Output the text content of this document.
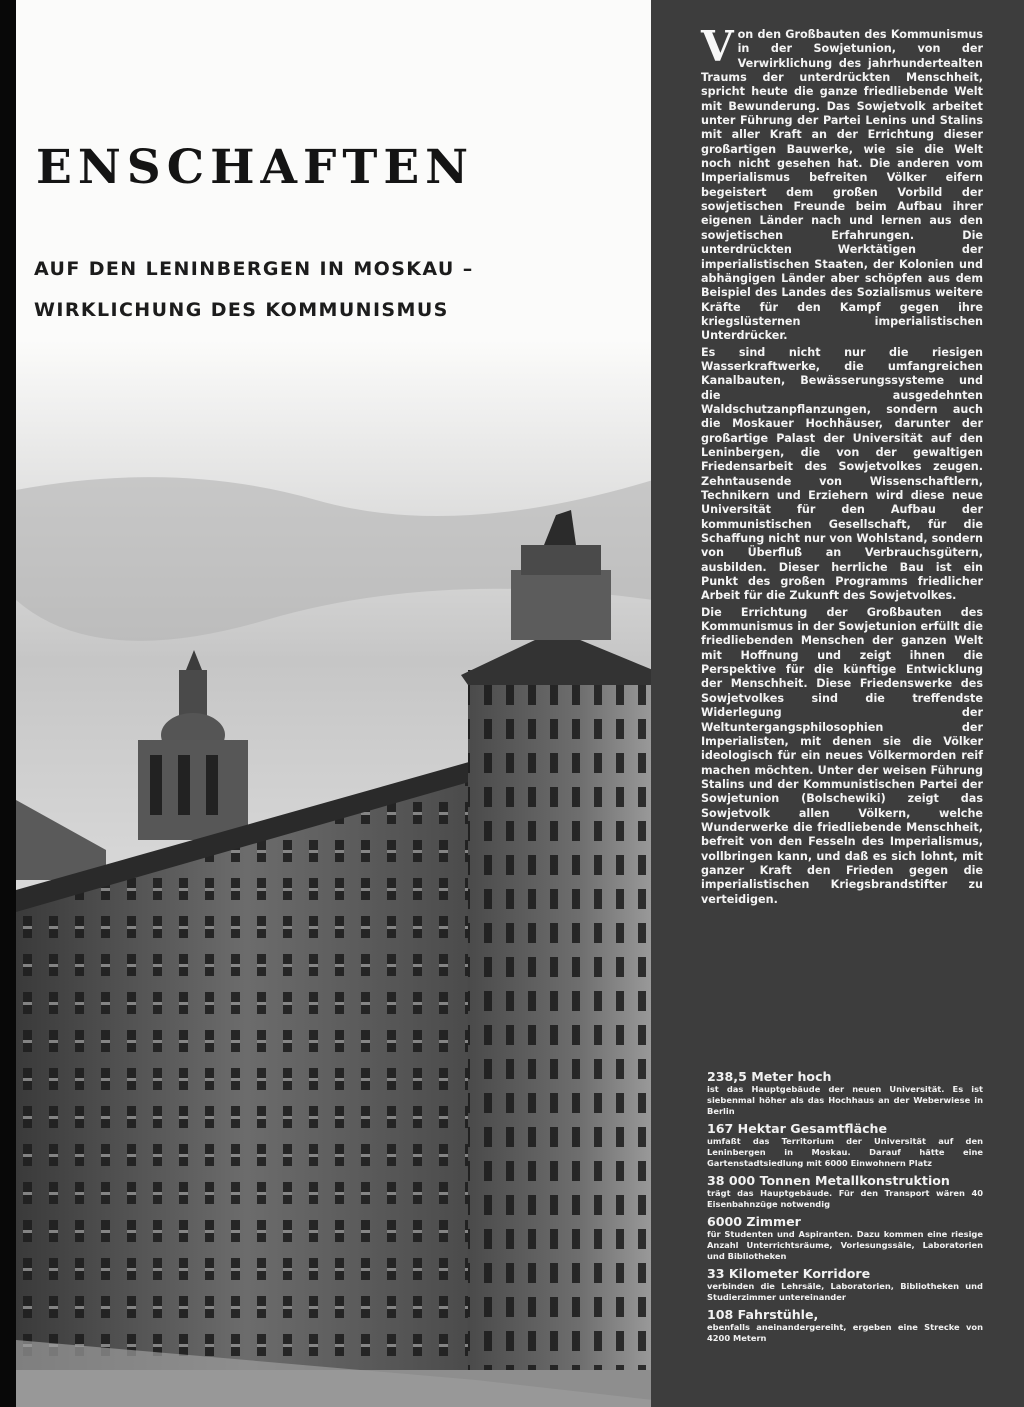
ENSCHAFTEN

AUF DEN LENINBERGEN IN MOSKAU –

WIRKLICHUNG DES KOMMUNISMUS

Von den Großbauten des Kommunismus in der Sowjetunion, von der Verwirklichung des jahrhundertealten Traums der unterdrückten Menschheit, spricht heute die ganze friedliebende Welt mit Bewunderung. Das Sowjetvolk arbeitet unter Führung der Partei Lenins und Stalins mit aller Kraft an der Errichtung dieser großartigen Bauwerke, wie sie die Welt noch nicht gesehen hat. Die anderen vom Imperialismus befreiten Völker eifern begeistert dem großen Vorbild der sowjetischen Freunde beim Aufbau ihrer eigenen Länder nach und lernen aus den sowjetischen Erfahrungen. Die unterdrückten Werktätigen der imperialistischen Staaten, der Kolonien und abhängigen Länder aber schöpfen aus dem Beispiel des Landes des Sozialismus weitere Kräfte für den Kampf gegen ihre kriegslüsternen imperialistischen Unterdrücker.

Es sind nicht nur die riesigen Wasserkraftwerke, die umfangreichen Kanalbauten, Bewässerungssysteme und die ausgedehnten Waldschutzanpflanzungen, sondern auch die Moskauer Hochhäuser, darunter der großartige Palast der Universität auf den Leninbergen, die von der gewaltigen Friedensarbeit des Sowjetvolkes zeugen. Zehntausende von Wissenschaftlern, Technikern und Erziehern wird diese neue Universität für den Aufbau der kommunistischen Gesellschaft, für die Schaffung nicht nur von Wohlstand, sondern von Überfluß an Verbrauchsgütern, ausbilden. Dieser herrliche Bau ist ein Punkt des großen Programms friedlicher Arbeit für die Zukunft des Sowjetvolkes.

Die Errichtung der Großbauten des Kommunismus in der Sowjetunion erfüllt die friedliebenden Menschen der ganzen Welt mit Hoffnung und zeigt ihnen die Perspektive für die künftige Entwicklung der Menschheit. Diese Friedenswerke des Sowjetvolkes sind die treffendste Widerlegung der Weltuntergangsphilosophien der Imperialisten, mit denen sie die Völker ideologisch für ein neues Völkermorden reif machen möchten. Unter der weisen Führung Stalins und der Kommunistischen Partei der Sowjetunion (Bolschewiki) zeigt das Sowjetvolk allen Völkern, welche Wunderwerke die friedliebende Menschheit, befreit von den Fesseln des Imperialismus, vollbringen kann, und daß es sich lohnt, mit ganzer Kraft den Frieden gegen die imperialistischen Kriegsbrandstifter zu verteidigen.

238,5 Meter hoch

ist das Hauptgebäude der neuen Universität. Es ist siebenmal höher als das Hochhaus an der Weberwiese in Berlin

167 Hektar Gesamtfläche

umfaßt das Territorium der Universität auf den Leninbergen in Moskau. Darauf hätte eine Gartenstadtsiedlung mit 6000 Einwohnern Platz

38 000 Tonnen Metallkonstruktion

trägt das Hauptgebäude. Für den Transport wären 40 Eisenbahnzüge notwendig

6000 Zimmer

für Studenten und Aspiranten. Dazu kommen eine riesige Anzahl Unterrichtsräume, Vorlesungssäle, Laboratorien und Bibliotheken

33 Kilometer Korridore

verbinden die Lehrsäle, Laboratorien, Bibliotheken und Studierzimmer untereinander

108 Fahrstühle,

ebenfalls aneinandergereiht, ergeben eine Strecke von 4200 Metern
